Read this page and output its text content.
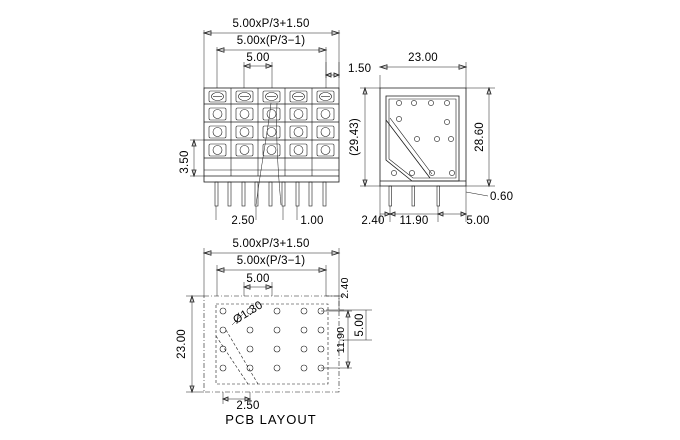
5.00xP/3+1.50
5.00x(P/3−1)
5.00
1.50
3.50
2.50	1.00
23.00
(29.43)	28.60
0.60
2.40 11.90	5.00
5.00xP/3+1.50
5.00x(P/3−1)
5.00	2.40
Ø1.30
23.00	11.90
5.00
2.50
PCB LAYOUT
